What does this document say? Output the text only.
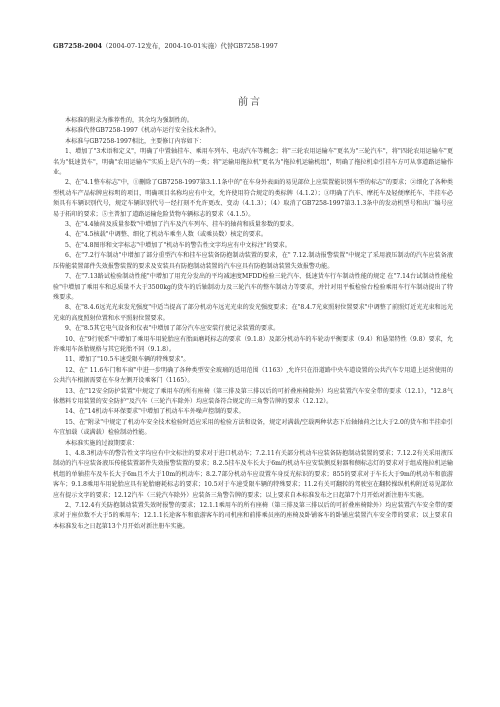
GB7258-2004（2004-07-12发布，2004-10-01实施）代替GB7258-1997
前言

本标准的附录为推荐性的，其余均为强制性的。

本标准代替GB7258-1997《机动车运行安全技术条件》。

本标准与GB7258-1997相比，主要修订内容如下：

1、增加了"3术语和定义"，明确了中置轴挂车、乘用车列车、电动汽车等概念；将"三轮农用运输车"更名为"三轮汽车"，将"四轮农用运输车"更名为"低速货车"，明确"农用运输车"实质上是汽车的一类；将"运输用拖拉机"更名为"拖拉机运输机组"，明确了拖拉机牵引挂车方可从事道路运输作业。

2、在"4.1整车标志"中，①删除了GB7258-1997第3.1.1条中的"在车身外表面的易见部位上应装置能识别车型的标志"的要求；②细化了各种类型机动车产品标牌应标明的项目，明确项目名称均应有中文，允许使用符合规定的类标牌（4.1.2）；③明确了汽车、摩托车及轻便摩托车、半挂车必须具有车辆识别代号，规定车辆识别代号一经打刻不允许更改、变动（4.1.3）；（4）取消了GB7258-1997第3.1.3条中的发动机型号和出厂编号应易于拓印的要求；⑤主普加了道路运输危险货物车辆标志的要求（4.1.5）。

3、在"4.4轴荷及质量参数"中增加了汽车及汽车列车、挂车的轴荷和质量参数的要求。

4、在"4.5核载"中调整、细化了机动车乘坐人数（或乘员数）核定的要求。

5、在"4.8图形和文字标志"中增加了"机动车的警告性文字均应有中文标注"的要求。

6、在"7.2行车制动"中增加了部分重型汽车和挂车应装备防抱制动装置的要求，在" 7.12.制动报警装置"中规定了采用液压制动的汽车应装备液压传能装置部件失效报警装置的要求及安装具有防抱制动装置的汽车应具有防抱制动装置失效报警功能。

7、在"7.13路试检验制动性能"中增加了用充分发出的平均减速度MFDD检验三轮汽车、低速货车行车制动性能的规定 在"7.14台试制动性能检验"中增加了乘用车和总质量不大于3500kg的货车的后轴制动力及三轮汽车的整车制动力等要求，并针对用平板检验台检验乘用车行车制动提出了特殊要求。

8、在"8.4.6远光光束发光强度"中适当提高了部分机动车远光光束的发光强度要求；在"8.4.7光束照射位置要求"中调整了前照灯近光光束和远光光束的高度照射位置和水平照射位置要求。

9、在"8.5其它电气设备和仪表"中增加了部分汽车应安装行驶记录装置的要求。

10、在"9行驶系"中增加了乘用车用轮胎应有胎面磨耗标志的要求（9.1.8）及部分机动车的车轮动平衡要求（9.4）和悬架特性（9.8）要求，允许乘用车备胎规格与其它轮胎不同（9.1.8）。

11、增加了"10.5车速受限车辆的特殊要求"。

12、在" 11.6车门和车窗"中进一步明确了各种类型安全玻璃的适用范围（1163）,允许只在沿道路中央车道设置的公共汽车专用道上运营使用的公共汽车根据需要在车身左侧开设乘客门（1165）。

13、在"12安全防护装置"中规定了乘用车的所有座椅（第三排及第三排以后的可折叠座椅除外）均应装置汽车安全带的要求（12.1），"12.8气体燃料专用装置的安全防护"及汽车（三轮汽车除外）均应装备符合规定的三角警告牌的要求（12.12）。

14、在"14机动车环保要求"中增加了机动车车外噪声控制的要求。

15、在"附录"中规定了机动车安全技术检验时适应采用的检验方法和设备，规定对满载/空载两种状态下后轴轴荷之比大于2.0的货车和半挂牵引车宜加载（或满载）检验制动性能。

本标准实施的过渡期要求：

1、4.8.3机动车的警告性文字均应有中文标注的要求对于进口机动车；7.2.11有关部分机动车应装备防抱制动装置的要求；7.12.2有关采用液压制动的汽车应装备液压传能装置部件失效报警装置的要求；8.2.5挂车及车长大于6m的机动车应安装侧反射器和侧标志灯的要求对于组成拖拉机运输机组的单轴挂车及车长大于6m且不大于10m的机动车；8.2.7部分机动车应设置车身反光标识的要求；855的要求对于车长大于9m的机动车和旅游客车；9.1.8乘用车用轮胎应具有轮胎磨耗标志的要求；10.5对于车速受限车辆的特殊要求；11.2有关可翻转的驾驶室在翻转操纵机构附近易见部位应有提示文字的要求；12.12汽车（三轮汽车除外）应装备三角警告牌的要求；以上要求自本标准发布之日起第7个月开始对新注册车实施。

2、7.12.4有关防抱制动装置失效时报警的要求；12.1.1乘用车的所有座椅（第三排及第三排以后的可折叠座椅除外）均应装置汽车安全带的要求对于座位数不大于5的乘用车；12.1.1长途客车和旅游客车的司机座和前排乘员座的座椅及卧铺客车的卧铺应装置汽车安全带的要求；以上要求自本标准发布之日起第13个月开始对新注册车实施。
